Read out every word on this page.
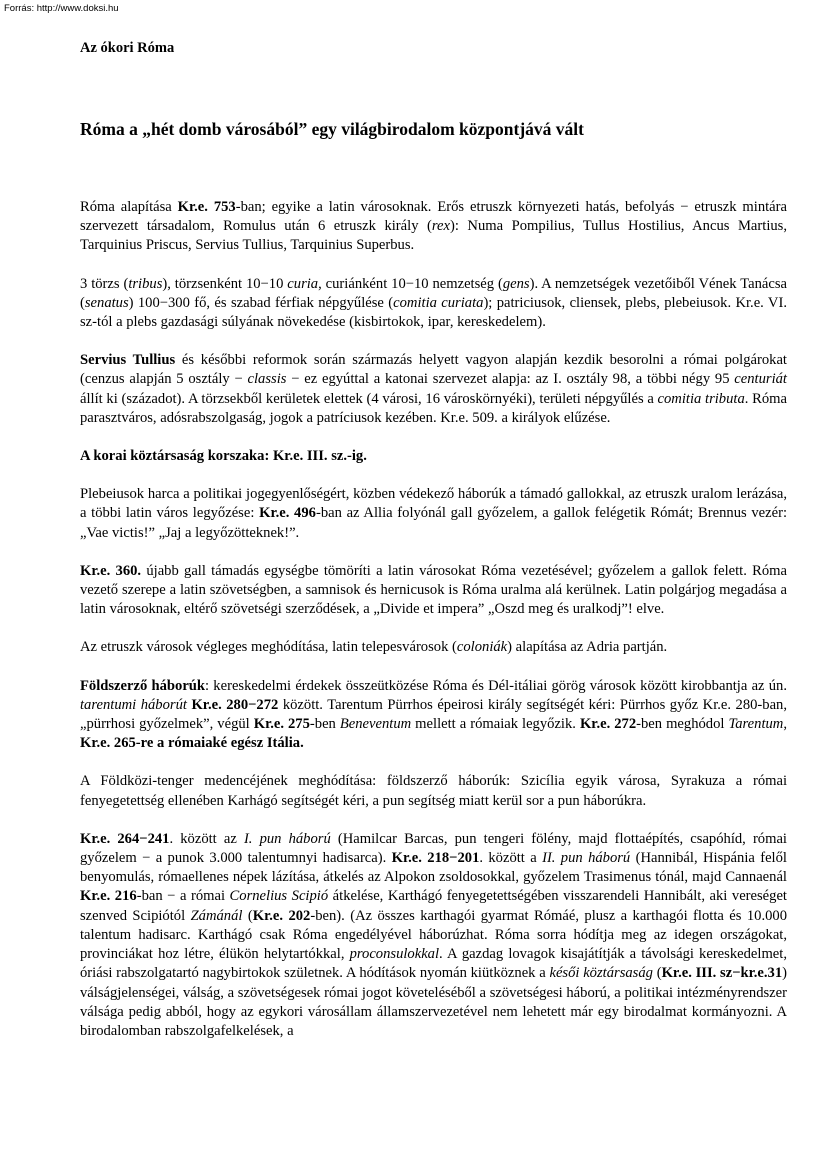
Forrás: http://www.doksi.hu
Az ókori Róma
Róma a „hét domb városából” egy világbirodalom központjává vált

Róma alapítása Kr.e. 753-ban; egyike a latin városoknak. Erős etruszk környezeti hatás, befolyás − etruszk mintára szervezett társadalom, Romulus után 6 etruszk király (rex): Numa Pompilius, Tullus Hostilius, Ancus Martius, Tarquinius Priscus, Servius Tullius, Tarquinius Superbus.

3 törzs (tribus), törzsenként 10−10 curia, curiánként 10−10 nemzetség (gens). A nemzetségek vezetőiből Vének Tanácsa (senatus) 100−300 fő, és szabad férfiak népgyűlése (comitia curiata); patriciusok, cliensek, plebs, plebeiusok. Kr.e. VI. sz-tól a plebs gazdasági súlyának növekedése (kisbirtokok, ipar, kereskedelem).

Servius Tullius és későbbi reformok során származás helyett vagyon alapján kezdik besorolni a római polgárokat (cenzus alapján 5 osztály − classis − ez egyúttal a katonai szervezet alapja: az I. osztály 98, a többi négy 95 centuriát állít ki (századot). A törzsekből kerületek elettek (4 városi, 16 városkörnyéki), területi népgyűlés a comitia tributa. Róma parasztváros, adósrabszolgaság, jogok a patríciusok kezében. Kr.e. 509. a királyok elűzése.

A korai köztársaság korszaka: Kr.e. III. sz.-ig.

Plebeiusok harca a politikai jogegyenlőségért, közben védekező háborúk a támadó gallokkal, az etruszk uralom lerázása, a többi latin város legyőzése: Kr.e. 496-ban az Allia folyónál gall győzelem, a gallok felégetik Rómát; Brennus vezér: „Vae victis!” „Jaj a legyőzötteknek!”.

Kr.e. 360. újabb gall támadás egységbe tömöríti a latin városokat Róma vezetésével; győzelem a gallok felett. Róma vezető szerepe a latin szövetségben, a samnisok és hernicusok is Róma uralma alá kerülnek. Latin polgárjog megadása a latin városoknak, eltérő szövetségi szerződések, a „Divide et impera” „Oszd meg és uralkodj”! elve.

Az etruszk városok végleges meghódítása, latin telepesvárosok (coloniák) alapítása az Adria partján.

Földszerző háborúk: kereskedelmi érdekek összeütközése Róma és Dél-itáliai görög városok között kirobbantja az ún. tarentumi háborút Kr.e. 280−272 között. Tarentum Pürrhos épeirosi király segítségét kéri: Pürrhos győz Kr.e. 280-ban, „pürrhosi győzelmek”, végül Kr.e. 275-ben Beneventum mellett a rómaiak legyőzik. Kr.e. 272-ben meghódol Tarentum, Kr.e. 265-re a rómaiaké egész Itália.

A Földközi-tenger medencéjének meghódítása: földszerző háborúk: Szicília egyik városa, Syrakuza a római fenyegetettség ellenében Karhágó segítségét kéri, a pun segítség miatt kerül sor a pun háborúkra.

Kr.e. 264−241. között az I. pun háború (Hamilcar Barcas, pun tengeri fölény, majd flottaépítés, csapóhíd, római győzelem − a punok 3.000 talentumnyi hadisarca). Kr.e. 218−201. között a II. pun háború (Hannibál, Hispánia felől benyomulás, rómaellenes népek lázítása, átkelés az Alpokon zsoldosokkal, győzelem Trasimenus tónál, majd Cannaenál Kr.e. 216-ban − a római Cornelius Scipió átkelése, Karthágó fenyegetettségében visszarendeli Hannibált, aki vereséget szenved Scipiótól Zámánál (Kr.e. 202-ben). (Az összes karthagói gyarmat Rómáé, plusz a karthagói flotta és 10.000 talentum hadisarc. Karthágó csak Róma engedélyével háborúzhat. Róma sorra hódítja meg az idegen országokat, provinciákat hoz létre, élükön helytartókkal, proconsulokkal. A gazdag lovagok kisajátítják a távolsági kereskedelmet, óriási rabszolgatartó nagybirtokok születnek. A hódítások nyomán kiütköznek a késői köztársaság (Kr.e. III. sz−kr.e.31) válságjelenségei, válság, a szövetségesek római jogot követeléséből a szövetségesi háború, a politikai intézményrendszer válsága pedig abból, hogy az egykori városállam államszervezetével nem lehetett már egy birodalmat kormányozni. A birodalomban rabszolgafelkelések, a
